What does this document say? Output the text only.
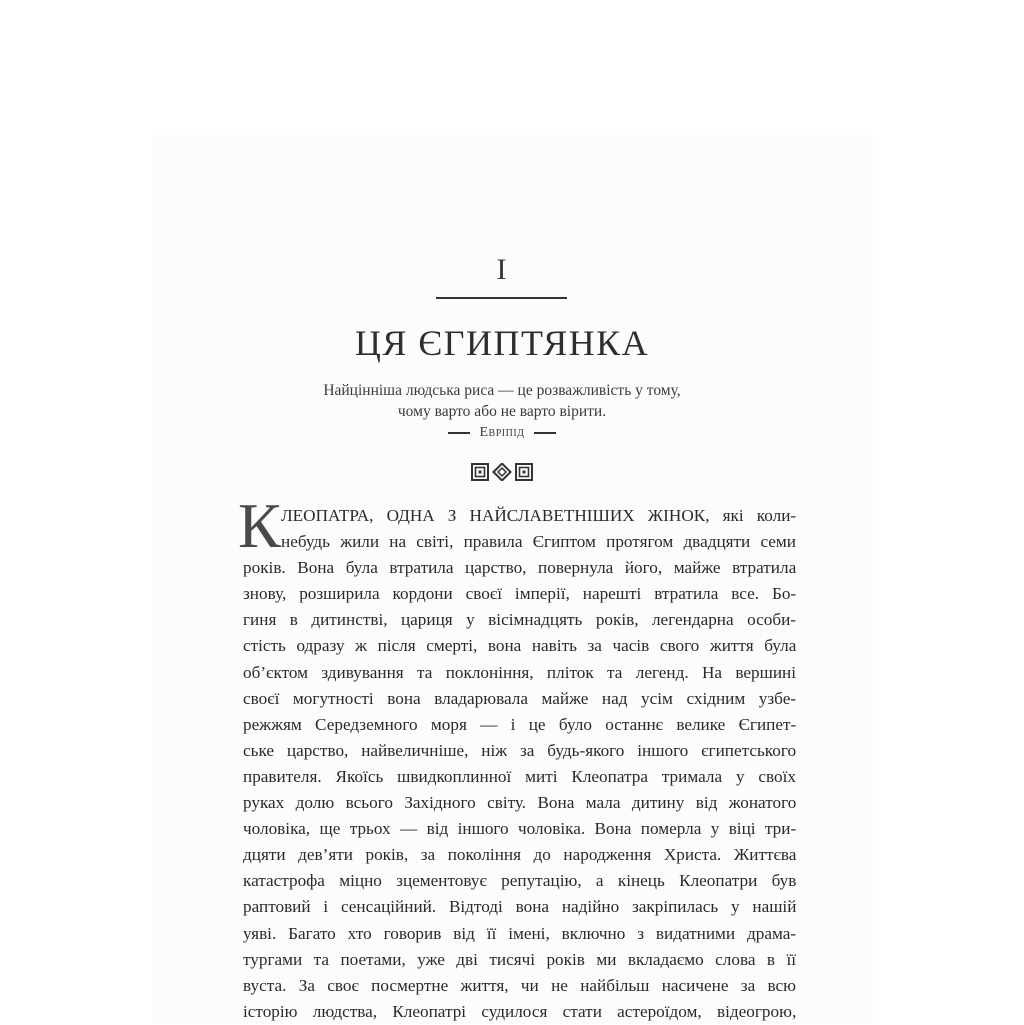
I
ЦЯ ЄГИПТЯНКА
Найцінніша людська риса — це розважливість у тому,
чому варто або не варто вірити.
Евріпід
К ЛЕОПАТРА, ОДНА З НАЙСЛАВЕТНІШИХ ЖІНОК, які коли-
небудь жили на світі, правила Єгиптом протягом двадцяти семи
років. Вона була втратила царство, повернула його, майже втратила
знову, розширила кордони своєї імперії, нарешті втратила все. Бо-
гиня в дитинстві, цариця у вісімнадцять років, легендарна особи-
стість одразу ж після смерті, вона навіть за часів свого життя була
об’єктом здивування та поклоніння, пліток та легенд. На вершині
своєї могутності вона владарювала майже над усім східним узбе-
режжям Середземного моря — і це було останнє велике Єгипет-
ське царство, найвеличніше, ніж за будь-якого іншого єгипетського
правителя. Якоїсь швидкоплинної миті Клеопатра тримала у своїх
руках долю всього Західного світу. Вона мала дитину від жонатого
чоловіка, ще трьох — від іншого чоловіка. Вона померла у віці три-
дцяти дев’яти років, за покоління до народження Христа. Життєва
катастрофа міцно зцементовує репутацію, а кінець Клеопатри був
раптовий і сенсаційний. Відтоді вона надійно закріпилась у нашій
уяві. Багато хто говорив від її імені, включно з видатними драма-
тургами та поетами, уже дві тисячі років ми вкладаємо слова в її
вуста. За своє посмертне життя, чи не найбільш насичене за всю
історію людства, Клеопатрі судилося стати астероїдом, відеогрою,
